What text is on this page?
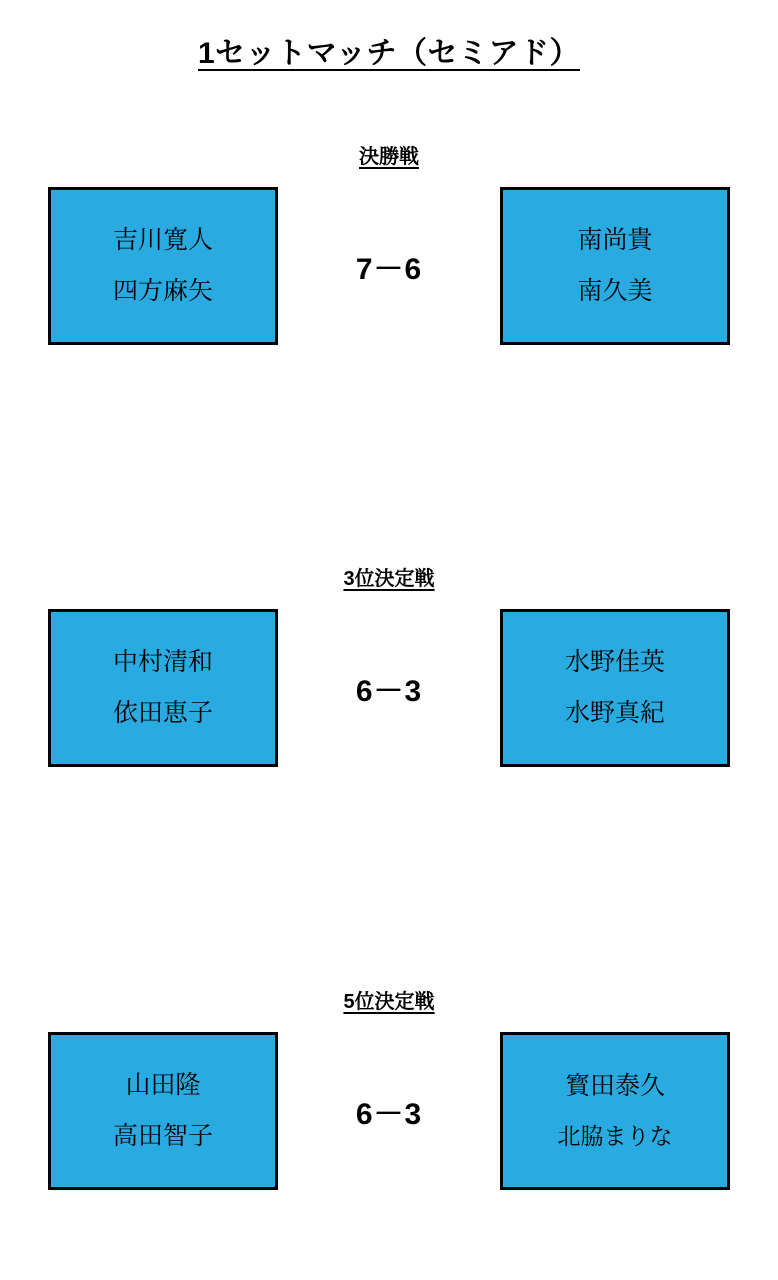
1セットマッチ（セミアド）
決勝戦
吉川寛人
四方麻矢
7－6
南尚貴
南久美
3位決定戦
中村清和
依田恵子
6－3
水野佳英
水野真紀
5位決定戦
山田隆
高田智子
6－3
寳田泰久
北脇まりな
